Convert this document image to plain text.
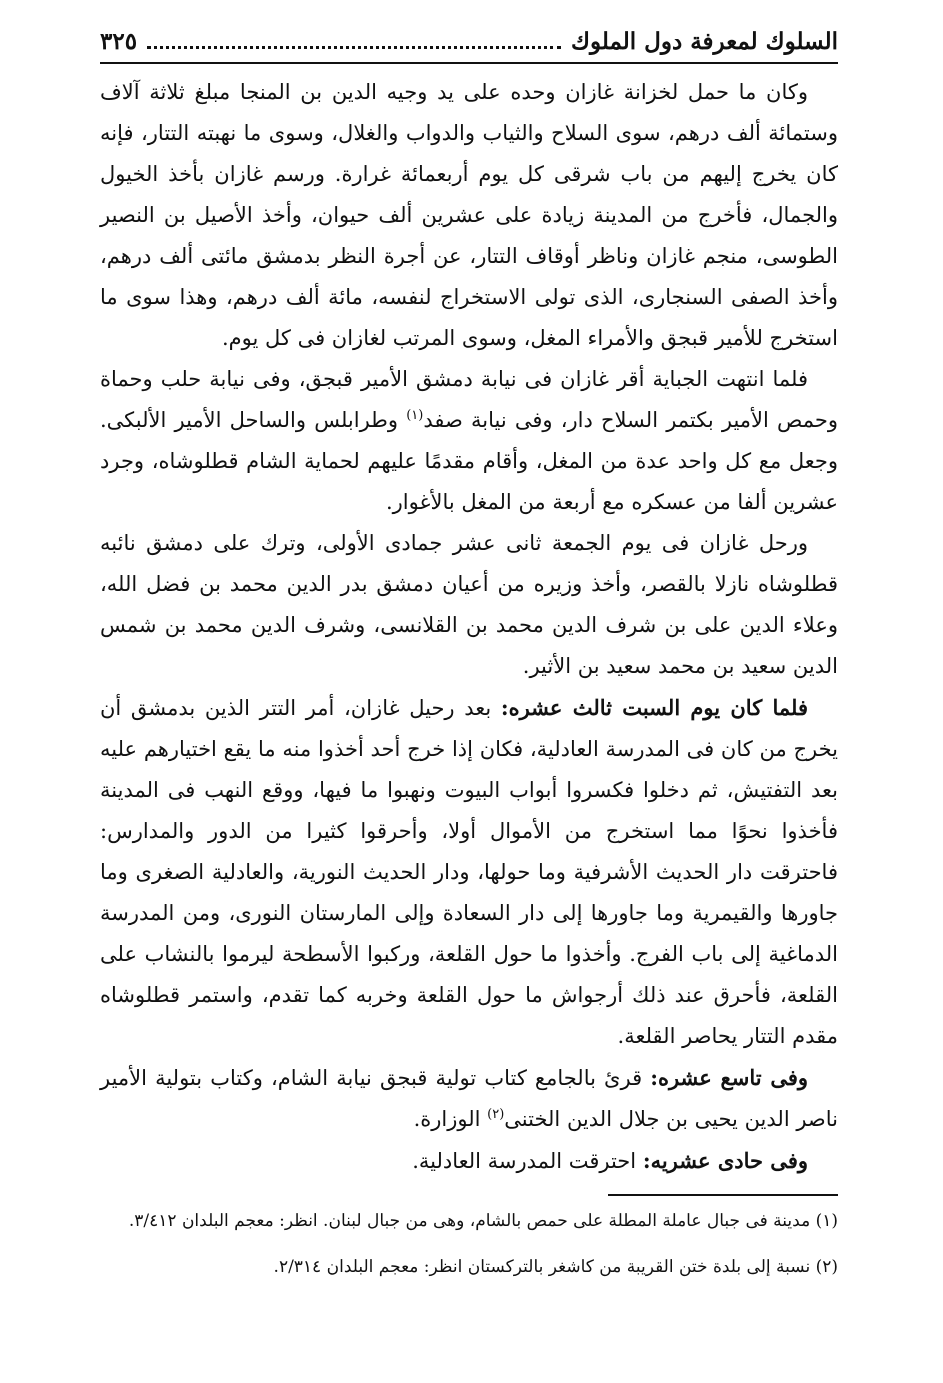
السلوك لمعرفة دول الملوك
٣٢٥

وكان ما حمل لخزانة غازان وحده على يد وجيه الدين بن المنجا مبلغ ثلاثة آلاف وستمائة ألف درهم، سوى السلاح والثياب والدواب والغلال، وسوى ما نهبته التتار، فإنه كان يخرج إليهم من باب شرقى كل يوم أربعمائة غرارة. ورسم غازان بأخذ الخيول والجمال، فأخرج من المدينة زيادة على عشرين ألف حيوان، وأخذ الأصيل بن النصير الطوسى، منجم غازان وناظر أوقاف التتار، عن أجرة النظر بدمشق مائتى ألف درهم، وأخذ الصفى السنجارى، الذى تولى الاستخراج لنفسه، مائة ألف درهم، وهذا سوى ما استخرج للأمير قبجق والأمراء المغل، وسوى المرتب لغازان فى كل يوم.

فلما انتهت الجباية أقر غازان فى نيابة دمشق الأمير قبجق، وفى نيابة حلب وحماة وحمص الأمير بكتمر السلاح دار، وفى نيابة صفد$^{(١)}$ وطرابلس والساحل الأمير الألبكى. وجعل مع كل واحد عدة من المغل، وأقام مقدمًا عليهم لحماية الشام قطلوشاه، وجرد عشرين ألفا من عسكره مع أربعة من المغل بالأغوار.

ورحل غازان فى يوم الجمعة ثانى عشر جمادى الأولى، وترك على دمشق نائبه قطلوشاه نازلا بالقصر، وأخذ وزيره من أعيان دمشق بدر الدين محمد بن فضل الله، وعلاء الدين على بن شرف الدين محمد بن القلانسى، وشرف الدين محمد بن شمس الدين سعيد بن محمد سعيد بن الأثير.

فلما كان يوم السبت ثالث عشره: بعد رحيل غازان، أمر التتر الذين بدمشق أن يخرج من كان فى المدرسة العادلية، فكان إذا خرج أحد أخذوا منه ما يقع اختيارهم عليه بعد التفتيش، ثم دخلوا فكسروا أبواب البيوت ونهبوا ما فيها، ووقع النهب فى المدينة فأخذوا نحوًا مما استخرج من الأموال أولا، وأحرقوا كثيرا من الدور والمدارس: فاحترقت دار الحديث الأشرفية وما حولها، ودار الحديث النورية، والعادلية الصغرى وما جاورها والقيمرية وما جاورها إلى دار السعادة وإلى المارستان النورى، ومن المدرسة الدماغية إلى باب الفرج. وأخذوا ما حول القلعة، وركبوا الأسطحة ليرموا بالنشاب على القلعة، فأحرق عند ذلك أرجواش ما حول القلعة وخربه كما تقدم، واستمر قطلوشاه مقدم التتار يحاصر القلعة.

وفى تاسع عشره: قرئ بالجامع كتاب تولية قبجق نيابة الشام، وكتاب بتولية الأمير ناصر الدين يحيى بن جلال الدين الختنى$^{(٢)}$ الوزارة.

وفى حادى عشريه: احترقت المدرسة العادلية.

(١) مدينة فى جبال عاملة المطلة على حمص بالشام، وهى من جبال لبنان. انظر: معجم البلدان ٣/٤١٢.

(٢) نسبة إلى بلدة ختن القريبة من كاشغر بالتركستان انظر: معجم البلدان ٢/٣١٤.
